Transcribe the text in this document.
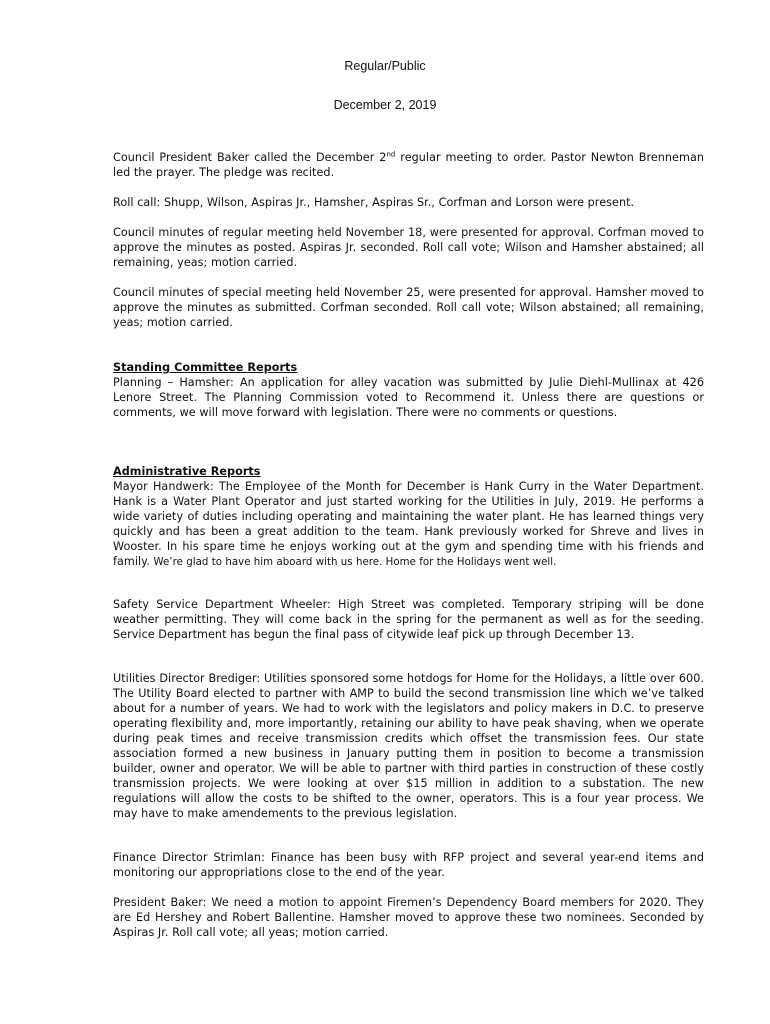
Regular/Public
December 2, 2019

Council President Baker called the December 2nd regular meeting to order. Pastor Newton Brenneman led the prayer. The pledge was recited.

Roll call: Shupp, Wilson, Aspiras Jr., Hamsher, Aspiras Sr., Corfman and Lorson were present.

Council minutes of regular meeting held November 18, were presented for approval. Corfman moved to approve the minutes as posted. Aspiras Jr. seconded. Roll call vote; Wilson and Hamsher abstained; all remaining, yeas; motion carried.

Council minutes of special meeting held November 25, were presented for approval. Hamsher moved to approve the minutes as submitted. Corfman seconded. Roll call vote; Wilson abstained; all remaining, yeas; motion carried.

Standing Committee Reports

Planning – Hamsher: An application for alley vacation was submitted by Julie Diehl-Mullinax at 426 Lenore Street. The Planning Commission voted to Recommend it. Unless there are questions or comments, we will move forward with legislation. There were no comments or questions.

Administrative Reports

Mayor Handwerk: The Employee of the Month for December is Hank Curry in the Water Department. Hank is a Water Plant Operator and just started working for the Utilities in July, 2019. He performs a wide variety of duties including operating and maintaining the water plant. He has learned things very quickly and has been a great addition to the team. Hank previously worked for Shreve and lives in Wooster. In his spare time he enjoys working out at the gym and spending time with his friends and family. We’re glad to have him aboard with us here. Home for the Holidays went well.

Safety Service Department Wheeler: High Street was completed. Temporary striping will be done weather permitting. They will come back in the spring for the permanent as well as for the seeding. Service Department has begun the final pass of citywide leaf pick up through December 13.

Utilities Director Brediger: Utilities sponsored some hotdogs for Home for the Holidays, a little over 600. The Utility Board elected to partner with AMP to build the second transmission line which we’ve talked about for a number of years. We had to work with the legislators and policy makers in D.C. to preserve operating flexibility and, more importantly, retaining our ability to have peak shaving, when we operate during peak times and receive transmission credits which offset the transmission fees. Our state association formed a new business in January putting them in position to become a transmission builder, owner and operator. We will be able to partner with third parties in construction of these costly transmission projects. We were looking at over $15 million in addition to a substation. The new regulations will allow the costs to be shifted to the owner, operators. This is a four year process. We may have to make amendements to the previous legislation.

Finance Director Strimlan: Finance has been busy with RFP project and several year-end items and monitoring our appropriations close to the end of the year.

President Baker: We need a motion to appoint Firemen’s Dependency Board members for 2020. They are Ed Hershey and Robert Ballentine. Hamsher moved to approve these two nominees. Seconded by Aspiras Jr. Roll call vote; all yeas; motion carried.
